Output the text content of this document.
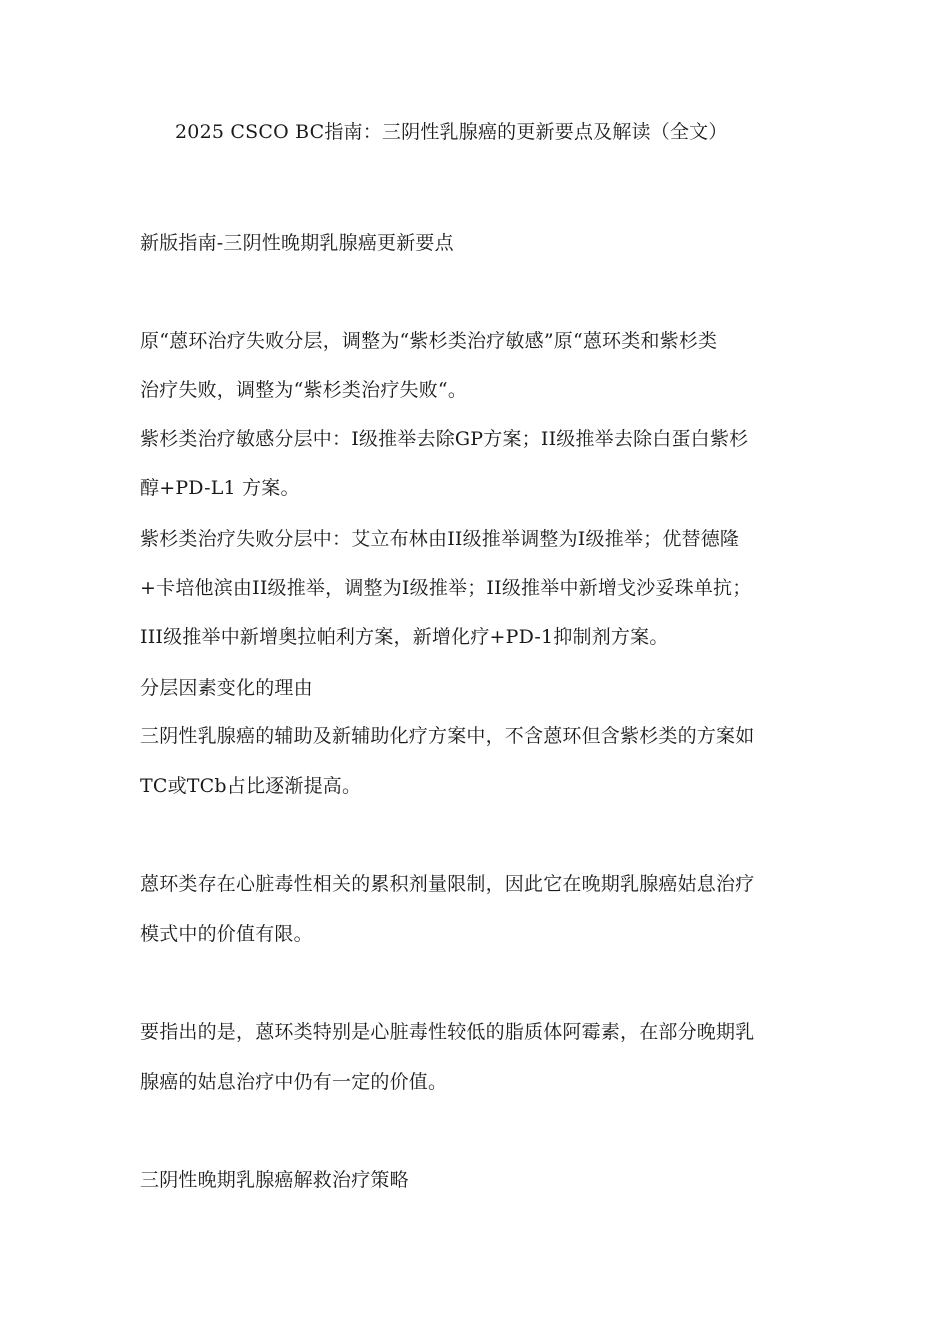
2025 CSCO BC指南：三阴性乳腺癌的更新要点及解读（全文）
新版指南-三阴性晚期乳腺癌更新要点
原“蒽环治疗失败分层，调整为“紫杉类治疗敏感”原“蒽环类和紫杉类
治疗失败，调整为“紫杉类治疗失败“。
紫杉类治疗敏感分层中：I级推举去除GP方案；II级推举去除白蛋白紫杉
醇+PD-L1 方案。
紫杉类治疗失败分层中：艾立布林由II级推举调整为I级推举；优替德隆
+卡培他滨由II级推举，调整为I级推举；II级推举中新增戈沙妥珠单抗；
III级推举中新增奥拉帕利方案，新增化疗+PD-1抑制剂方案。
分层因素变化的理由
三阴性乳腺癌的辅助及新辅助化疗方案中，不含蒽环但含紫杉类的方案如
TC或TCb占比逐渐提高。
蒽环类存在心脏毒性相关的累积剂量限制，因此它在晚期乳腺癌姑息治疗
模式中的价值有限。
要指出的是，蒽环类特别是心脏毒性较低的脂质体阿霉素，在部分晚期乳
腺癌的姑息治疗中仍有一定的价值。
三阴性晚期乳腺癌解救治疗策略
